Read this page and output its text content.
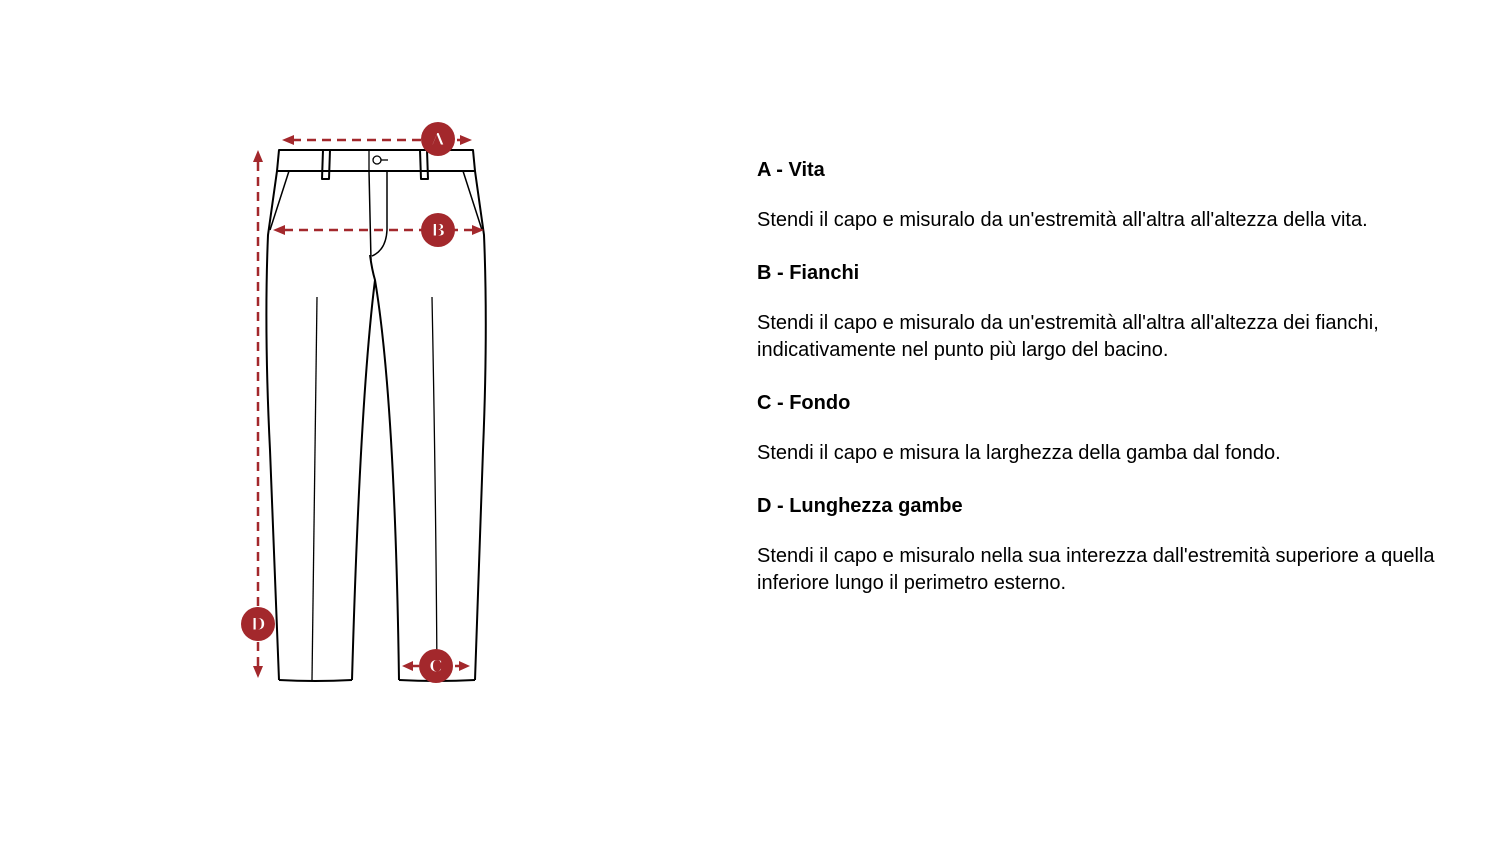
A
B
C
D

A - Vita

Stendi il capo e misuralo da un'estremità all'altra all'altezza della vita.

B - Fianchi

Stendi il capo e misuralo da un'estremità all'altra all'altezza dei fianchi, indicativamente nel punto più largo del bacino.

C - Fondo

Stendi il capo e misura la larghezza della gamba dal fondo.

D - Lunghezza gambe

Stendi il capo e misuralo nella sua interezza dall'estremità superiore a quella inferiore lungo il perimetro esterno.
